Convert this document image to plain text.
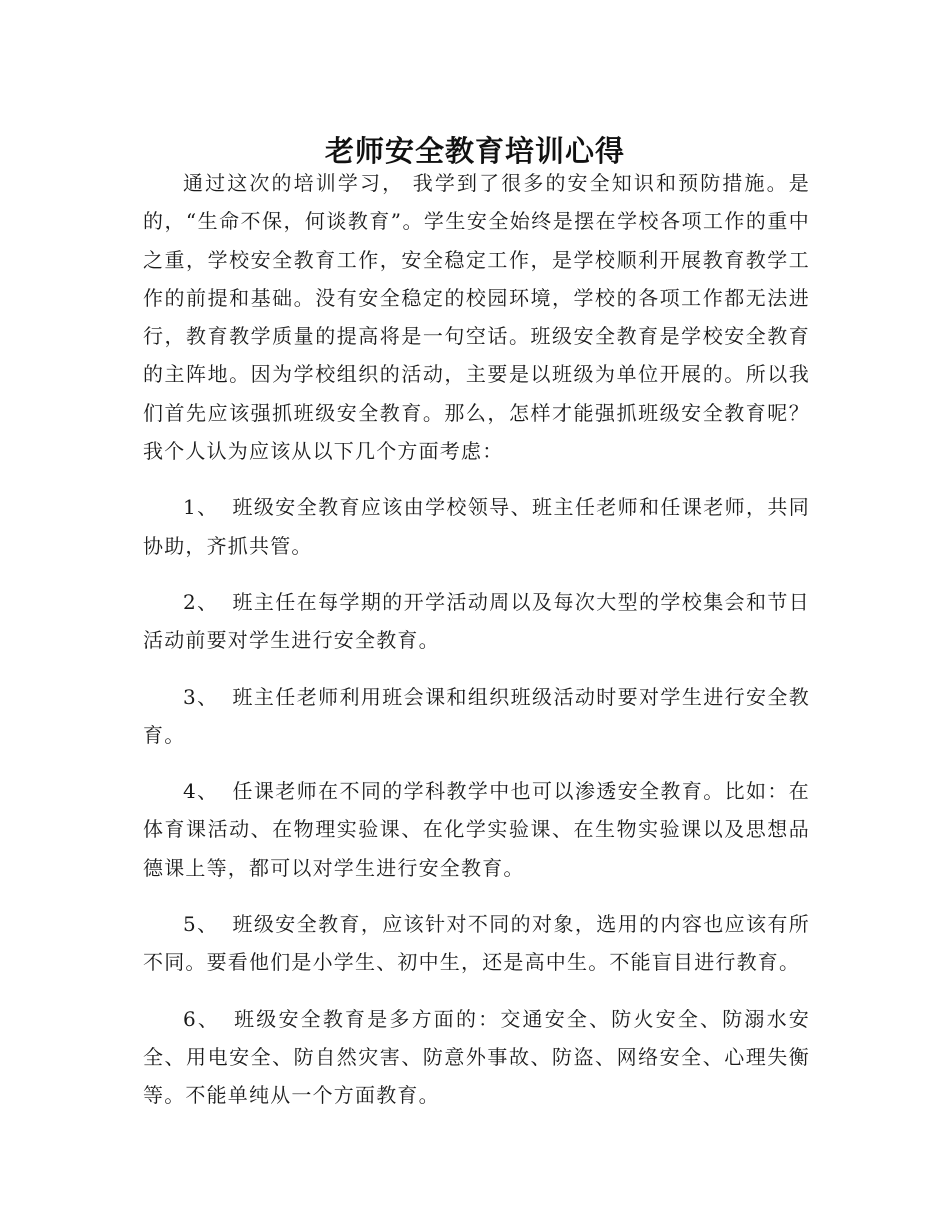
老师安全教育培训心得

通过这次的培训学习， 我学到了很多的安全知识和预防措施。是的，“生命不保，何谈教育”。学生安全始终是摆在学校各项工作的重中之重，学校安全教育工作，安全稳定工作，是学校顺利开展教育教学工作的前提和基础。没有安全稳定的校园环境，学校的各项工作都无法进行，教育教学质量的提高将是一句空话。班级安全教育是学校安全教育的主阵地。因为学校组织的活动，主要是以班级为单位开展的。所以我们首先应该强抓班级安全教育。那么，怎样才能强抓班级安全教育呢？我个人认为应该从以下几个方面考虑：

1、 班级安全教育应该由学校领导、班主任老师和任课老师，共同协助，齐抓共管。

2、 班主任在每学期的开学活动周以及每次大型的学校集会和节日活动前要对学生进行安全教育。

3、 班主任老师利用班会课和组织班级活动时要对学生进行安全教育。

4、 任课老师在不同的学科教学中也可以渗透安全教育。比如：在体育课活动、在物理实验课、在化学实验课、在生物实验课以及思想品德课上等，都可以对学生进行安全教育。

5、 班级安全教育，应该针对不同的对象，选用的内容也应该有所不同。要看他们是小学生、初中生，还是高中生。不能盲目进行教育。

6、 班级安全教育是多方面的：交通安全、防火安全、防溺水安全、用电安全、防自然灾害、防意外事故、防盗、网络安全、心理失衡等。不能单纯从一个方面教育。
